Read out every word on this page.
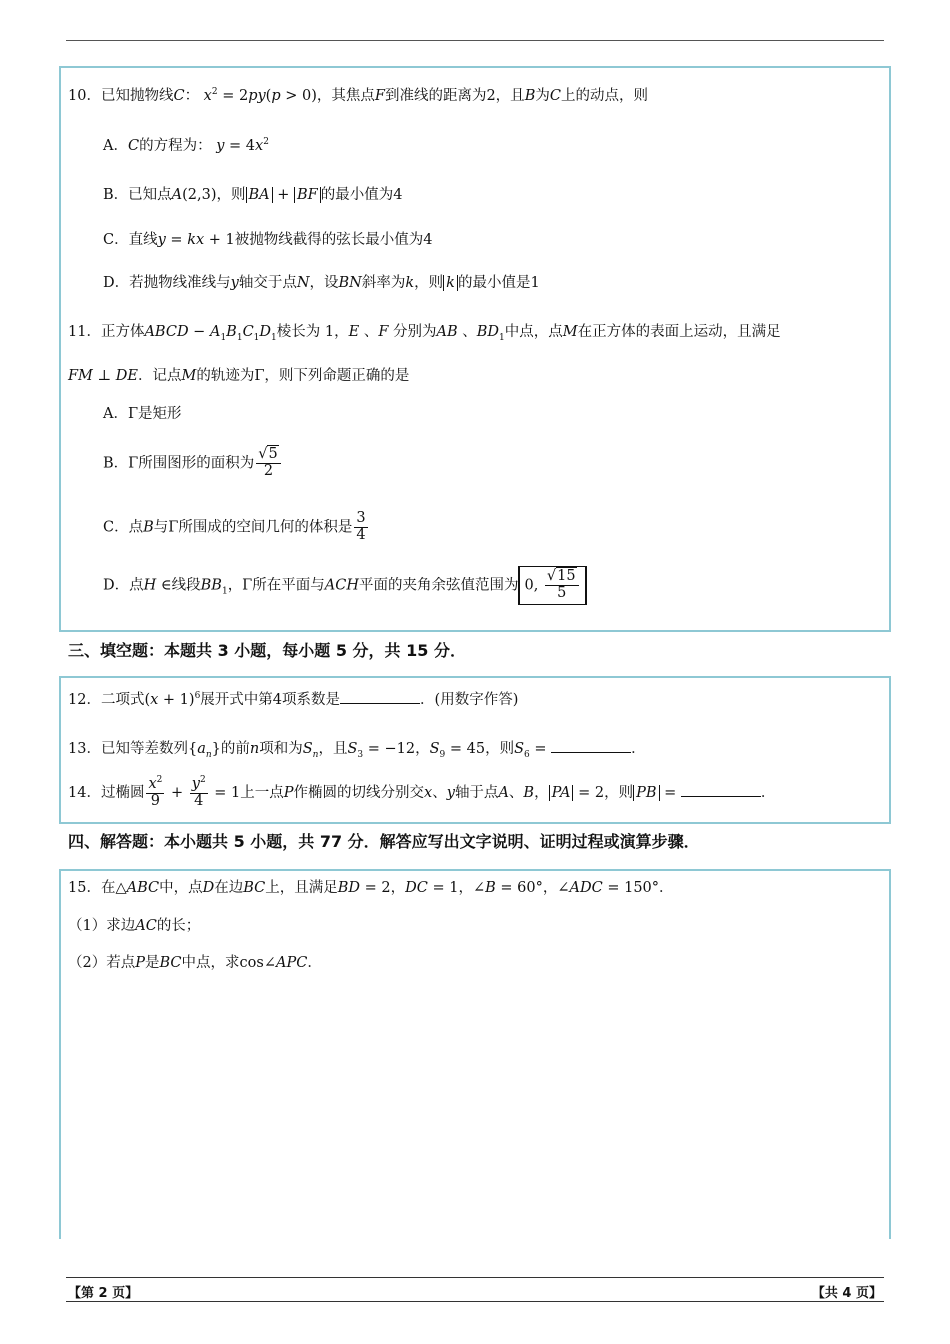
10．已知抛物线C： $x^2 = 2py(p > 0)$，其焦点F到准线的距离为2，且B为C上的动点，则
A．C的方程为： $y = 4x^2$
B．已知点A(2,3)，则 BA + BF 的最小值为4
C．直线y = kx + 1被抛物线截得的弦长最小值为4
D．若抛物线准线与y轴交于点N，设BN斜率为k，则 k 的最小值是1
11．正方体ABCD − $A_1B_1C_1D_1$棱长为 1，E 、F 分别为AB 、$BD_1$中点，点M在正方体的表面上运动，且满足
FM ⊥ DE．记点M的轨迹为Γ，则下列命题正确的是
A．Γ是矩形
B．Γ所围图形的面积为 $\frac{√5}{2}$
C．点B与Γ所围成的空间几何的体积是 $\frac{3}{4}$
D．点H ∈线段$BB_1$，Γ所在平面与ACH平面的夹角余弦值范围为 0, $\frac{√15}{5}$
三、填空题：本题共 3 小题，每小题 5 分，共 15 分．
12．二项式$(x + 1)^6$展开式中第4项系数是	．(用数字作答)
13．已知等差数列$\{a_n\}$的前n项和为$S_n$，且$S_3 = -12$，$S_9 = 45$，则$S_6$ =	．
14．过椭圆 $\frac{x^2}{9} + \frac{y^2}{4} = 1$上一点P作椭圆的切线分别交x、y轴于点A、B， PA = 2，则 PB =	．
四、解答题：本小题共 5 小题，共 77 分．解答应写出文字说明、证明过程或演算步骤．
15．在△ABC中，点D在边BC上，且满足BD = 2，DC = 1，∠B = 60°，∠ADC = 150°．
（1）求边AC的长；
（2）若点P是BC中点，求cos∠APC．
【第 2 页】	【共 4 页】
